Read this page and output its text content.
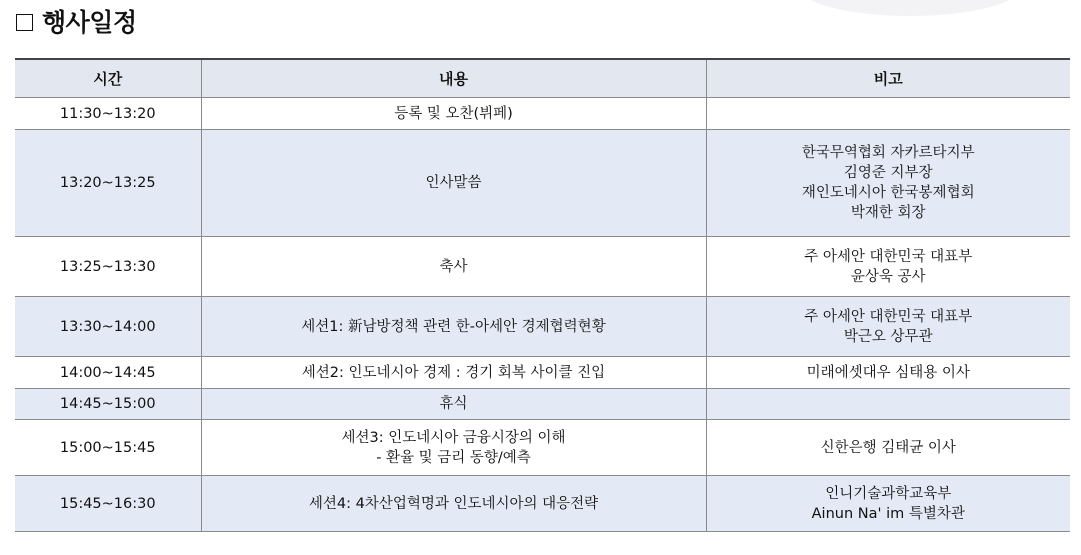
행사일정
시간	내용	비고
11:30~13:20	등록 및 오찬(뷔페)	

13:20~13:25	인사말씀	한국무역협회 자카르타지부
김영준 지부장
재인도네시아 한국봉제협회
박재한 회장

13:25~13:30	축사	주 아세안 대한민국 대표부
윤상욱 공사

13:30~14:00	세션1: 新남방정책 관련 한-아세안 경제협력현황	주 아세안 대한민국 대표부
박근오 상무관

14:00~14:45	세션2: 인도네시아 경제 : 경기 회복 사이클 진입	미래에셋대우 심태용 이사

14:45~15:00	휴식	

15:00~15:45	세션3: 인도네시아 금융시장의 이해
- 환율 및 금리 동향/예측	신한은행 김태균 이사

15:45~16:30	세션4: 4차산업혁명과 인도네시아의 대응전략	인니기술과학교육부
Ainun Na' im 특별차관
